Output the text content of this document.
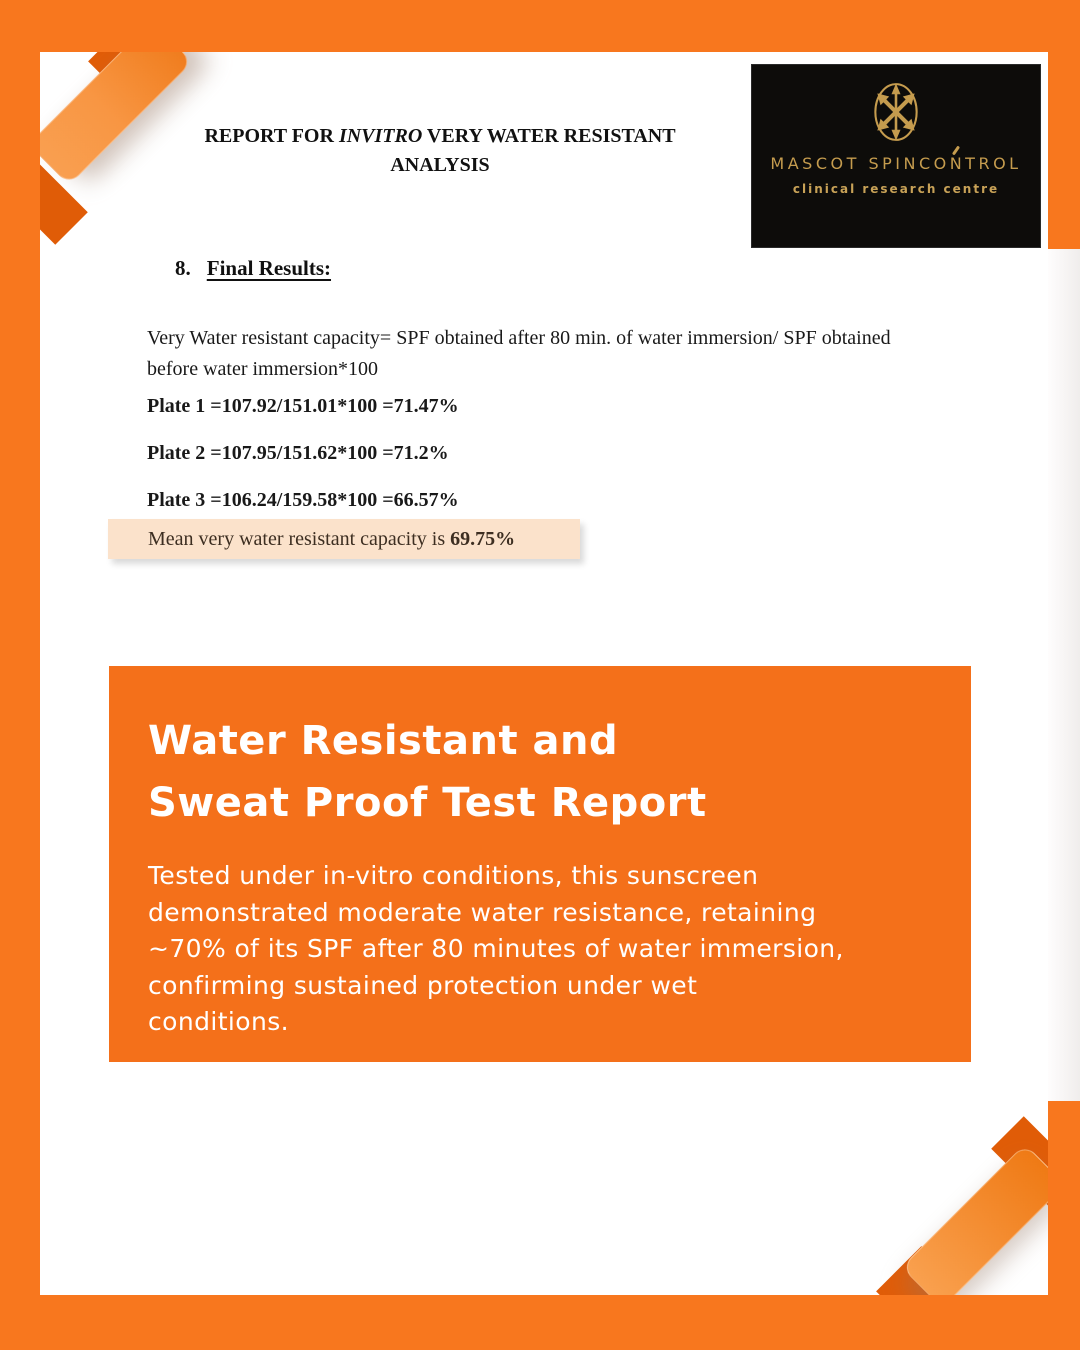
REPORT FOR INVITRO VERY WATER RESISTANT
ANALYSIS	MASCOT SPINCONTROL
clinical research centre
8. Final Results:
Very Water resistant capacity= SPF obtained after 80 min. of water immersion/ SPF obtained
before water immersion*100
Plate 1 =107.92/151.01*100 =71.47%
Plate 2 =107.95/151.62*100 =71.2%
Plate 3 =106.24/159.58*100 =66.57%
Mean very water resistant capacity is 69.75%
Water Resistant and
Sweat Proof Test Report
Tested under in-vitro conditions, this sunscreen
demonstrated moderate water resistance, retaining
~70% of its SPF after 80 minutes of water immersion,
confirming sustained protection under wet
conditions.
